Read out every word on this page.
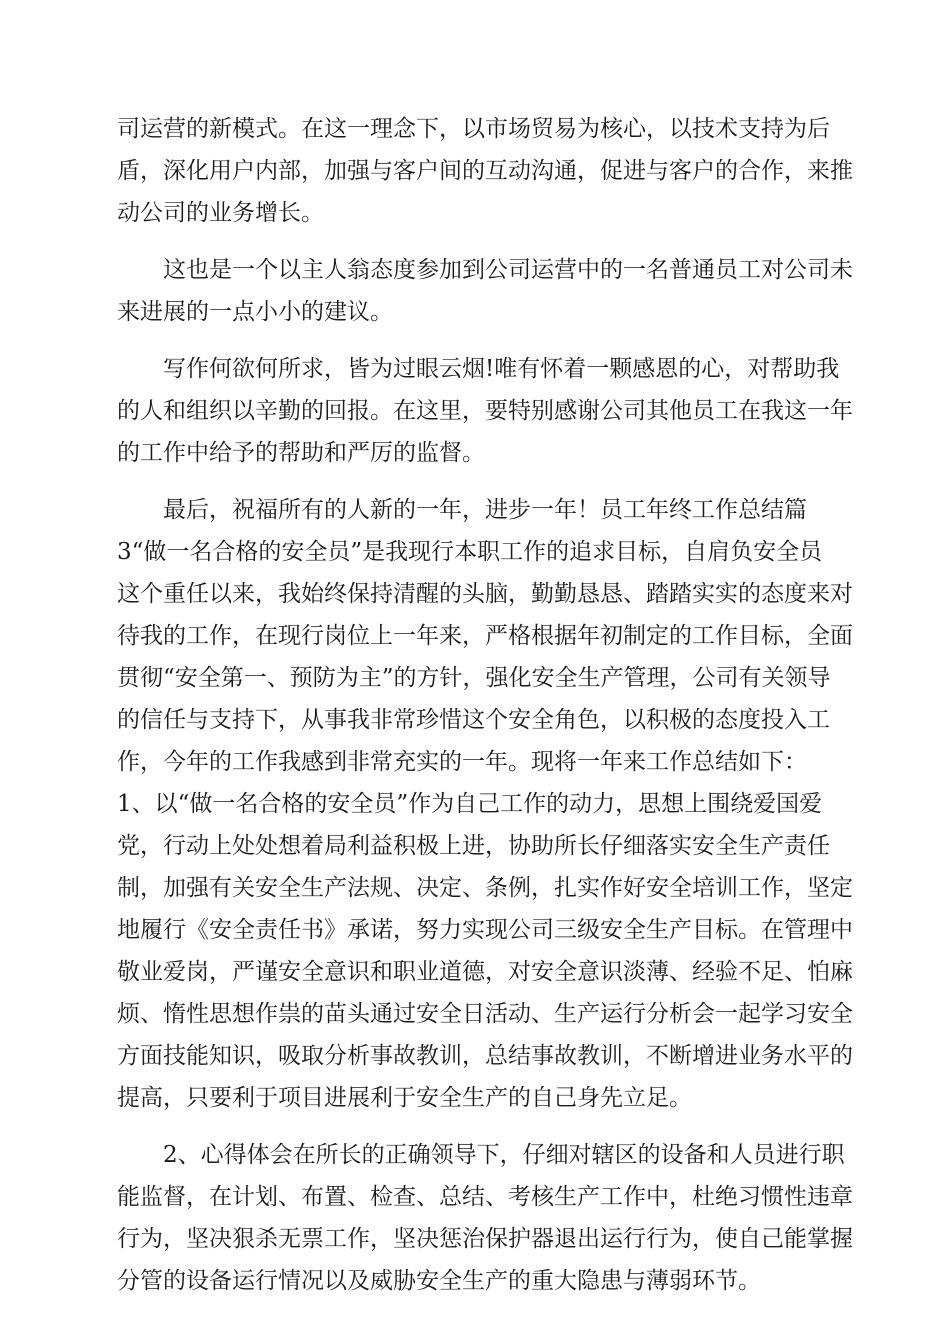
司运营的新模式。在这一理念下，以市场贸易为核心，以技术支持为后
盾，深化用户内部，加强与客户间的互动沟通，促进与客户的合作，来推
动公司的业务增长。

这也是一个以主人翁态度参加到公司运营中的一名普通员工对公司未
来进展的一点小小的建议。

写作何欲何所求，皆为过眼云烟!唯有怀着一颗感恩的心，对帮助我
的人和组织以辛勤的回报。在这里，要特别感谢公司其他员工在我这一年
的工作中给予的帮助和严厉的监督。

最后，祝福所有的人新的一年，进步一年！员工年终工作总结篇
3“做一名合格的安全员”是我现行本职工作的追求目标，自肩负安全员
这个重任以来，我始终保持清醒的头脑，勤勤恳恳、踏踏实实的态度来对
待我的工作，在现行岗位上一年来，严格根据年初制定的工作目标，全面
贯彻“安全第一、预防为主”的方针，强化安全生产管理，公司有关领导
的信任与支持下，从事我非常珍惜这个安全角色，以积极的态度投入工
作，今年的工作我感到非常充实的一年。现将一年来工作总结如下：
1、以“做一名合格的安全员”作为自己工作的动力，思想上围绕爱国爱
党，行动上处处想着局利益积极上进，协助所长仔细落实安全生产责任
制，加强有关安全生产法规、决定、条例，扎实作好安全培训工作，坚定
地履行《安全责任书》承诺，努力实现公司三级安全生产目标。在管理中
敬业爱岗，严谨安全意识和职业道德，对安全意识淡薄、经验不足、怕麻
烦、惰性思想作祟的苗头通过安全日活动、生产运行分析会一起学习安全
方面技能知识，吸取分析事故教训，总结事故教训，不断增进业务水平的
提高，只要利于项目进展利于安全生产的自己身先立足。

2、心得体会在所长的正确领导下，仔细对辖区的设备和人员进行职
能监督，在计划、布置、检查、总结、考核生产工作中，杜绝习惯性违章
行为，坚决狠杀无票工作，坚决惩治保护器退出运行行为，使自己能掌握
分管的设备运行情况以及威胁安全生产的重大隐患与薄弱环节。
